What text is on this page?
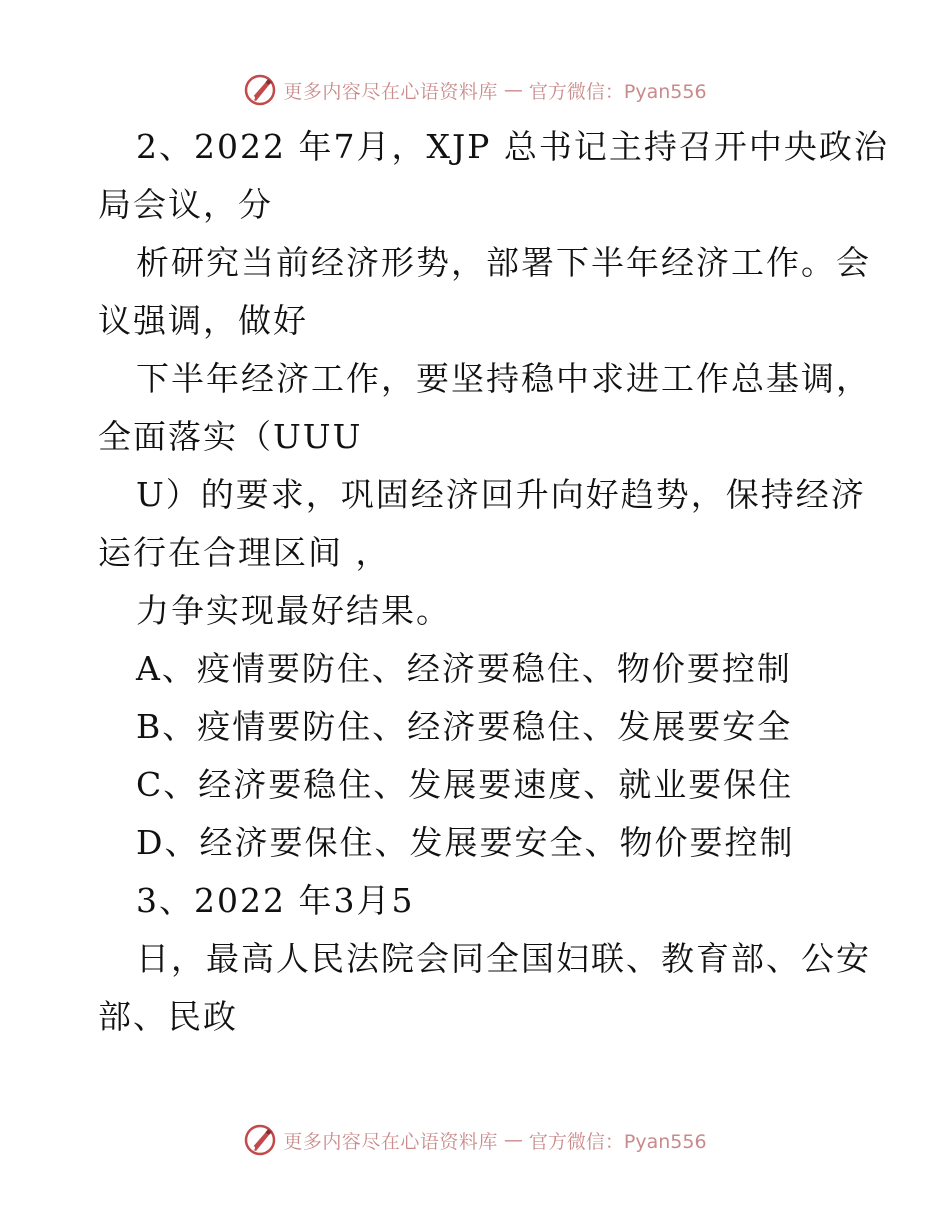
更多内容尽在心语资料库 — 官方微信：Pyan556
2、2022 年7月，XJP 总书记主持召开中央政治
局会议，分
析研究当前经济形势，部署下半年经济工作。会
议强调，做好
下半年经济工作，要坚持稳中求进工作总基调，
全面落实（UUU
U）的要求，巩固经济回升向好趋势，保持经济
运行在合理区间 ，
力争实现最好结果。
A、疫情要防住、经济要稳住、物价要控制
B、疫情要防住、经济要稳住、发展要安全
C、经济要稳住、发展要速度、就业要保住
D、经济要保住、发展要安全、物价要控制
3、2022 年3月5
日，最高人民法院会同全国妇联、教育部、公安
部、民政
更多内容尽在心语资料库 — 官方微信：Pyan556
